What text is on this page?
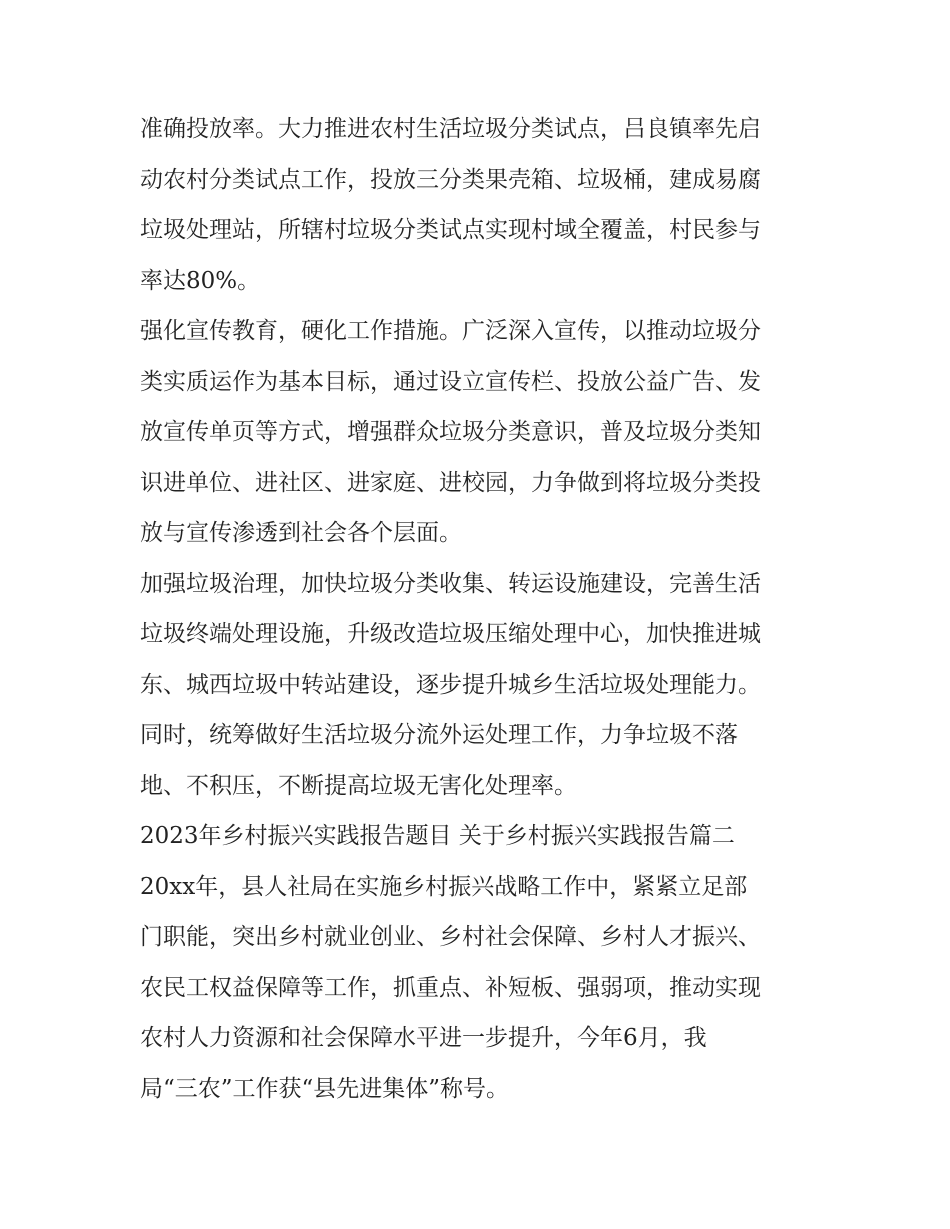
准确投放率。大力推进农村生活垃圾分类试点，吕良镇率先启
动农村分类试点工作，投放三分类果壳箱、垃圾桶，建成易腐
垃圾处理站，所辖村垃圾分类试点实现村域全覆盖，村民参与
率达80%。

强化宣传教育，硬化工作措施。广泛深入宣传，以推动垃圾分
类实质运作为基本目标，通过设立宣传栏、投放公益广告、发
放宣传单页等方式，增强群众垃圾分类意识，普及垃圾分类知
识进单位、进社区、进家庭、进校园，力争做到将垃圾分类投
放与宣传渗透到社会各个层面。

加强垃圾治理，加快垃圾分类收集、转运设施建设，完善生活
垃圾终端处理设施，升级改造垃圾压缩处理中心，加快推进城
东、城西垃圾中转站建设，逐步提升城乡生活垃圾处理能力。
同时，统筹做好生活垃圾分流外运处理工作，力争垃圾不落
地、不积压，不断提高垃圾无害化处理率。

2023年乡村振兴实践报告题目 关于乡村振兴实践报告篇二

20xx年，县人社局在实施乡村振兴战略工作中，紧紧立足部
门职能，突出乡村就业创业、乡村社会保障、乡村人才振兴、
农民工权益保障等工作，抓重点、补短板、强弱项，推动实现
农村人力资源和社会保障水平进一步提升，今年6月，我
局“三农”工作获“县先进集体”称号。
